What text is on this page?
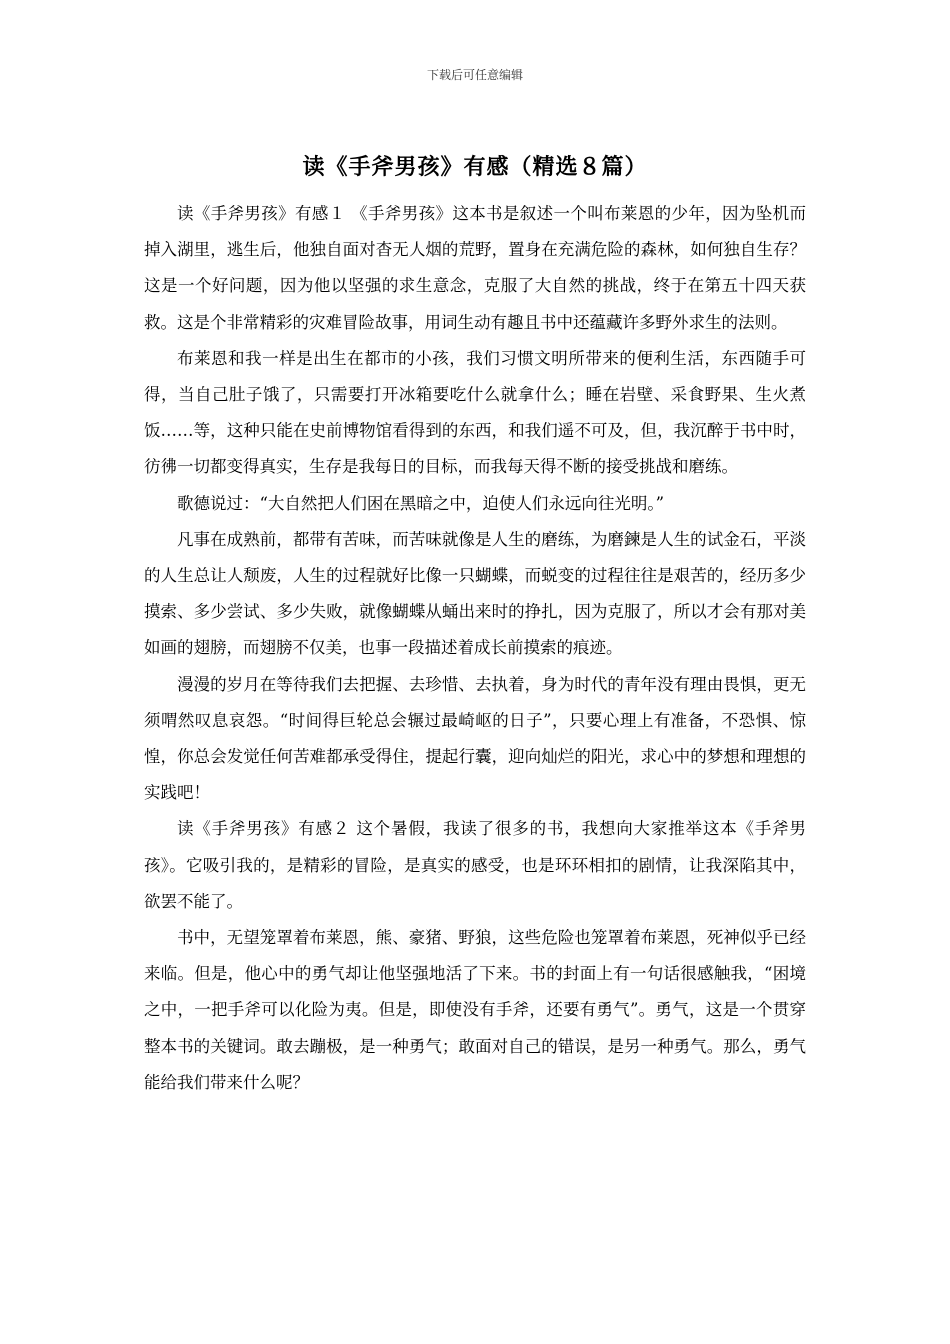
下载后可任意编辑
读《手斧男孩》有感（精选８篇）

读《手斧男孩》有感１ 《手斧男孩》这本书是叙述一个叫布莱恩的少年，因为坠机而掉入湖里，逃生后，他独自面对杳无人烟的荒野，置身在充满危险的森林，如何独自生存？这是一个好问题，因为他以坚强的求生意念，克服了大自然的挑战，终于在第五十四天获救。这是个非常精彩的灾难冒险故事，用词生动有趣且书中还蕴藏许多野外求生的法则。

布莱恩和我一样是出生在都市的小孩，我们习惯文明所带来的便利生活，东西随手可得，当自己肚子饿了，只需要打开冰箱要吃什么就拿什么；睡在岩壁、采食野果、生火煮饭……等，这种只能在史前博物馆看得到的东西，和我们遥不可及，但，我沉醉于书中时，彷彿一切都变得真实，生存是我每日的目标，而我每天得不断的接受挑战和磨练。

歌德说过：“大自然把人们困在黑暗之中，迫使人们永远向往光明。”

凡事在成熟前，都带有苦味，而苦味就像是人生的磨练，为磨鍊是人生的试金石，平淡的人生总让人颓废，人生的过程就好比像一只蝴蝶，而蜕变的过程往往是艰苦的，经历多少摸索、多少尝试、多少失败，就像蝴蝶从蛹出来时的挣扎，因为克服了，所以才会有那对美如画的翅膀，而翅膀不仅美，也事一段描述着成长前摸索的痕迹。

漫漫的岁月在等待我们去把握、去珍惜、去执着，身为时代的青年没有理由畏惧，更无须喟然叹息哀怨。“时间得巨轮总会辗过最崎岖的日子”，只要心理上有准备，不恐惧、惊惶，你总会发觉任何苦难都承受得住，提起行囊，迎向灿烂的阳光，求心中的梦想和理想的实践吧！

读《手斧男孩》有感２ 这个暑假，我读了很多的书，我想向大家推举这本《手斧男孩》。它吸引我的，是精彩的冒险，是真实的感受，也是环环相扣的剧情，让我深陷其中，欲罢不能了。

书中，无望笼罩着布莱恩，熊、豪猪、野狼，这些危险也笼罩着布莱恩，死神似乎已经来临。但是，他心中的勇气却让他坚强地活了下来。书的封面上有一句话很感触我，“困境之中，一把手斧可以化险为夷。但是，即使没有手斧，还要有勇气”。勇气，这是一个贯穿整本书的关键词。敢去蹦极，是一种勇气；敢面对自己的错误，是另一种勇气。那么，勇气能给我们带来什么呢？
